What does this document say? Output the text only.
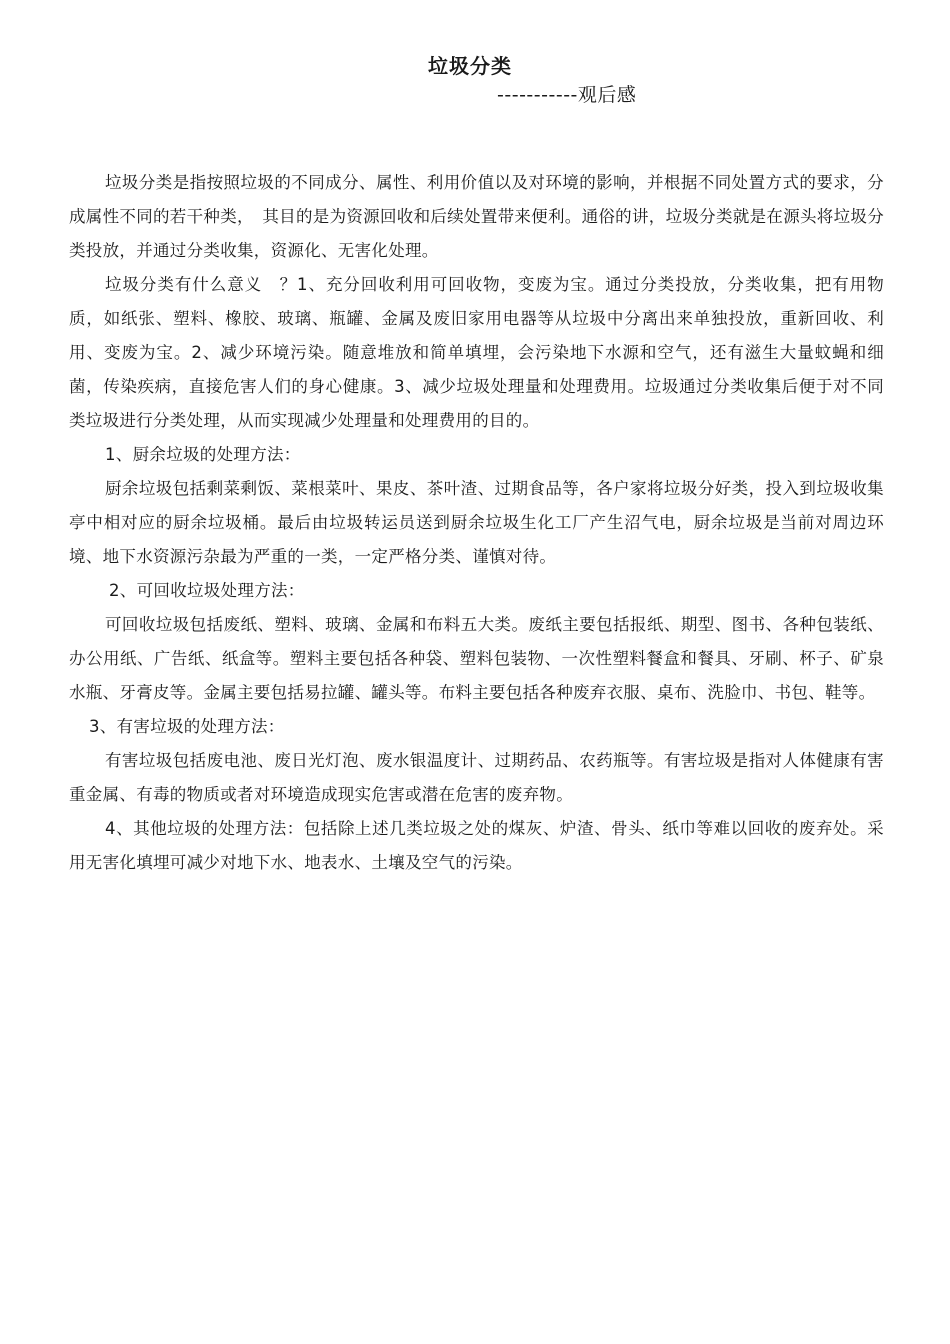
垃圾分类
-----------观后感

垃圾分类是指按照垃圾的不同成分、属性、利用价值以及对环境的影响，并根据不同处置方式的要求，分成属性不同的若干种类，　其目的是为资源回收和后续处置带来便利。通俗的讲，垃圾分类就是在源头将垃圾分类投放，并通过分类收集，资源化、无害化处理。

垃圾分类有什么意义　？1、充分回收利用可回收物，变废为宝。通过分类投放，分类收集，把有用物质，如纸张、塑料、橡胶、玻璃、瓶罐、金属及废旧家用电器等从垃圾中分离出来单独投放，重新回收、利用、变废为宝。2、减少环境污染。随意堆放和简单填埋，会污染地下水源和空气，还有滋生大量蚊蝇和细菌，传染疾病，直接危害人们的身心健康。3、减少垃圾处理量和处理费用。垃圾通过分类收集后便于对不同类垃圾进行分类处理，从而实现减少处理量和处理费用的目的。

1、厨余垃圾的处理方法：

厨余垃圾包括剩菜剩饭、菜根菜叶、果皮、茶叶渣、过期食品等，各户家将垃圾分好类，投入到垃圾收集亭中相对应的厨余垃圾桶。最后由垃圾转运员送到厨余垃圾生化工厂产生沼气电，厨余垃圾是当前对周边环境、地下水资源污杂最为严重的一类，一定严格分类、谨慎对待。

2、可回收垃圾处理方法：

可回收垃圾包括废纸、塑料、玻璃、金属和布料五大类。废纸主要包括报纸、期型、图书、各种包装纸、办公用纸、广告纸、纸盒等。塑料主要包括各种袋、塑料包装物、一次性塑料餐盒和餐具、牙刷、杯子、矿泉水瓶、牙膏皮等。金属主要包括易拉罐、罐头等。布料主要包括各种废弃衣服、桌布、洗脸巾、书包、鞋等。

3、有害垃圾的处理方法：

有害垃圾包括废电池、废日光灯泡、废水银温度计、过期药品、农药瓶等。有害垃圾是指对人体健康有害重金属、有毒的物质或者对环境造成现实危害或潜在危害的废弃物。

4、其他垃圾的处理方法：包括除上述几类垃圾之处的煤灰、炉渣、骨头、纸巾等难以回收的废弃处。采用无害化填埋可减少对地下水、地表水、土壤及空气的污染。
